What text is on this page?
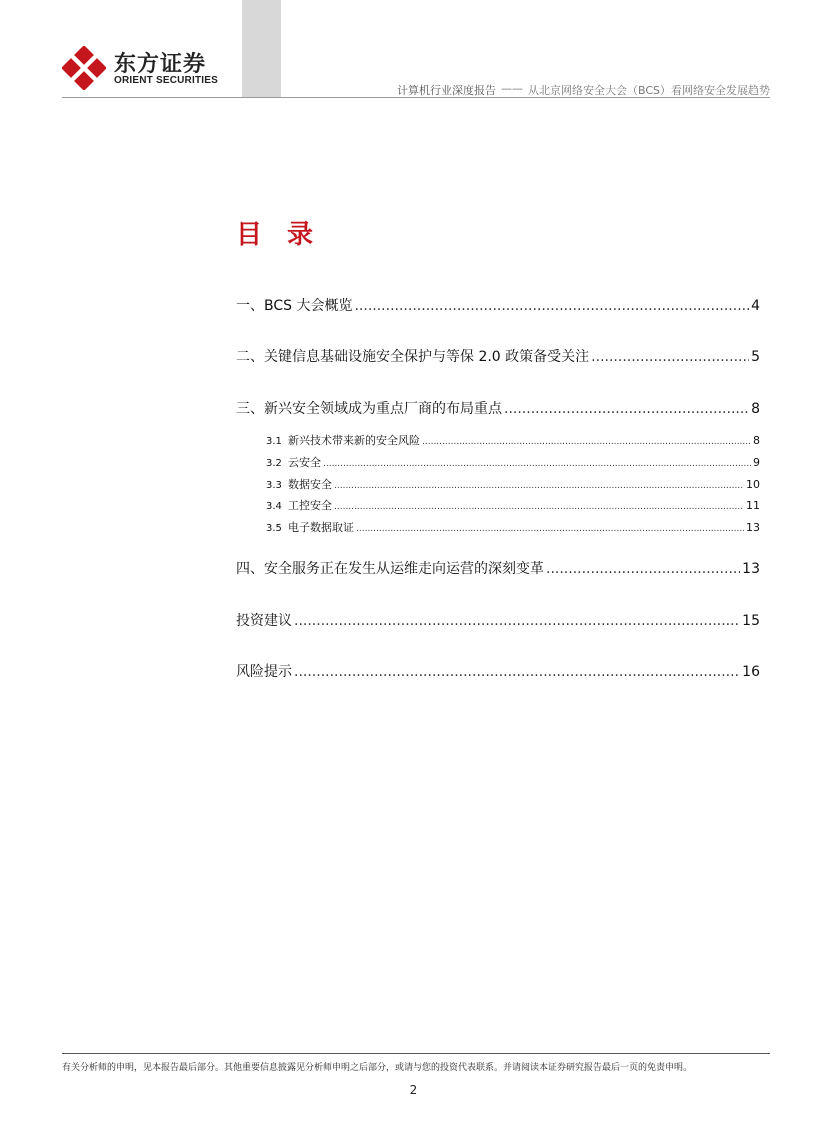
东方证券
ORIENT SECURITIES
计算机行业深度报告 —— 从北京网络安全大会（BCS）看网络安全发展趋势
目 录
一、BCS 大会概览 .....	4
二、关键信息基础设施安全保护与等保 2.0 政策备受关注 .....	5
三、新兴安全领域成为重点厂商的布局重点 .....	8
3.1 新兴技术带来新的安全风险 .....	8
3.2 云安全 .....	9
3.3 数据安全 .....	10
3.4 工控安全 .....	11
3.5 电子数据取证 .....	13
四、安全服务正在发生从运维走向运营的深刻变革 .....	13
投资建议 .....	15
风险提示 .....	16
有关分析师的申明，见本报告最后部分。其他重要信息披露见分析师申明之后部分，或请与您的投资代表联系。并请阅读本证券研究报告最后一页的免责申明。
2
